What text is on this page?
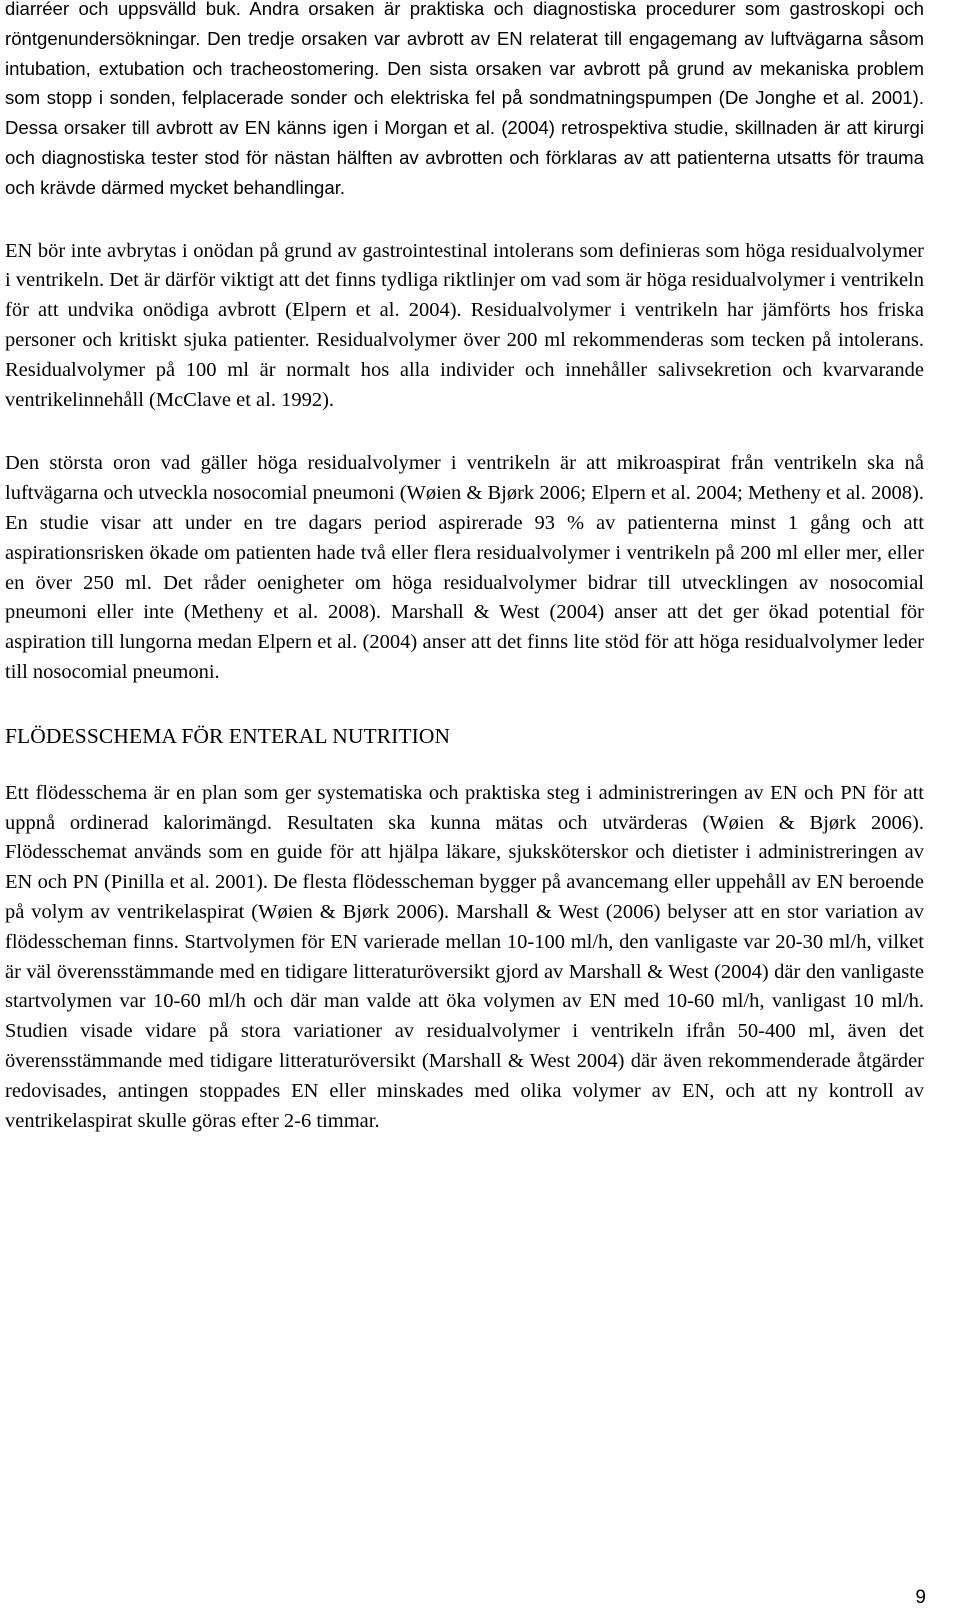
diarréer och uppsvälld buk. Andra orsaken är praktiska och diagnostiska procedurer som gastroskopi och röntgenundersökningar. Den tredje orsaken var avbrott av EN relaterat till engagemang av luftvägarna såsom intubation, extubation och tracheostomering. Den sista orsaken var avbrott på grund av mekaniska problem som stopp i sonden, felplacerade sonder och elektriska fel på sondmatningspumpen (De Jonghe et al. 2001). Dessa orsaker till avbrott av EN känns igen i Morgan et al. (2004) retrospektiva studie, skillnaden är att kirurgi och diagnostiska tester stod för nästan hälften av avbrotten och förklaras av att patienterna utsatts för trauma och krävde därmed mycket behandlingar.

EN bör inte avbrytas i onödan på grund av gastrointestinal intolerans som definieras som höga residualvolymer i ventrikeln. Det är därför viktigt att det finns tydliga riktlinjer om vad som är höga residualvolymer i ventrikeln för att undvika onödiga avbrott (Elpern et al. 2004). Residualvolymer i ventrikeln har jämförts hos friska personer och kritiskt sjuka patienter. Residualvolymer över 200 ml rekommenderas som tecken på intolerans. Residualvolymer på 100 ml är normalt hos alla individer och innehåller salivsekretion och kvarvarande ventrikelinnehåll (McClave et al. 1992).

Den största oron vad gäller höga residualvolymer i ventrikeln är att mikroaspirat från ventrikeln ska nå luftvägarna och utveckla nosocomial pneumoni (Wøien & Bjørk 2006; Elpern et al. 2004; Metheny et al. 2008). En studie visar att under en tre dagars period aspirerade 93 % av patienterna minst 1 gång och att aspirationsrisken ökade om patienten hade två eller flera residualvolymer i ventrikeln på 200 ml eller mer, eller en över 250 ml. Det råder oenigheter om höga residualvolymer bidrar till utvecklingen av nosocomial pneumoni eller inte (Metheny et al. 2008). Marshall & West (2004) anser att det ger ökad potential för aspiration till lungorna medan Elpern et al. (2004) anser att det finns lite stöd för att höga residualvolymer leder till nosocomial pneumoni.

FLÖDESSCHEMA FÖR ENTERAL NUTRITION

Ett flödesschema är en plan som ger systematiska och praktiska steg i administreringen av EN och PN för att uppnå ordinerad kalorimängd. Resultaten ska kunna mätas och utvärderas (Wøien & Bjørk 2006). Flödesschemat används som en guide för att hjälpa läkare, sjuksköterskor och dietister i administreringen av EN och PN (Pinilla et al. 2001). De flesta flödesscheman bygger på avancemang eller uppehåll av EN beroende på volym av ventrikelaspirat (Wøien & Bjørk 2006). Marshall & West (2006) belyser att en stor variation av flödesscheman finns. Startvolymen för EN varierade mellan 10-100 ml/h, den vanligaste var 20-30 ml/h, vilket är väl överensstämmande med en tidigare litteraturöversikt gjord av Marshall & West (2004) där den vanligaste startvolymen var 10-60 ml/h och där man valde att öka volymen av EN med 10-60 ml/h, vanligast 10 ml/h. Studien visade vidare på stora variationer av residualvolymer i ventrikeln ifrån 50-400 ml, även det överensstämmande med tidigare litteraturöversikt (Marshall & West 2004) där även rekommenderade åtgärder redovisades, antingen stoppades EN eller minskades med olika volymer av EN, och att ny kontroll av ventrikelaspirat skulle göras efter 2-6 timmar.

9
